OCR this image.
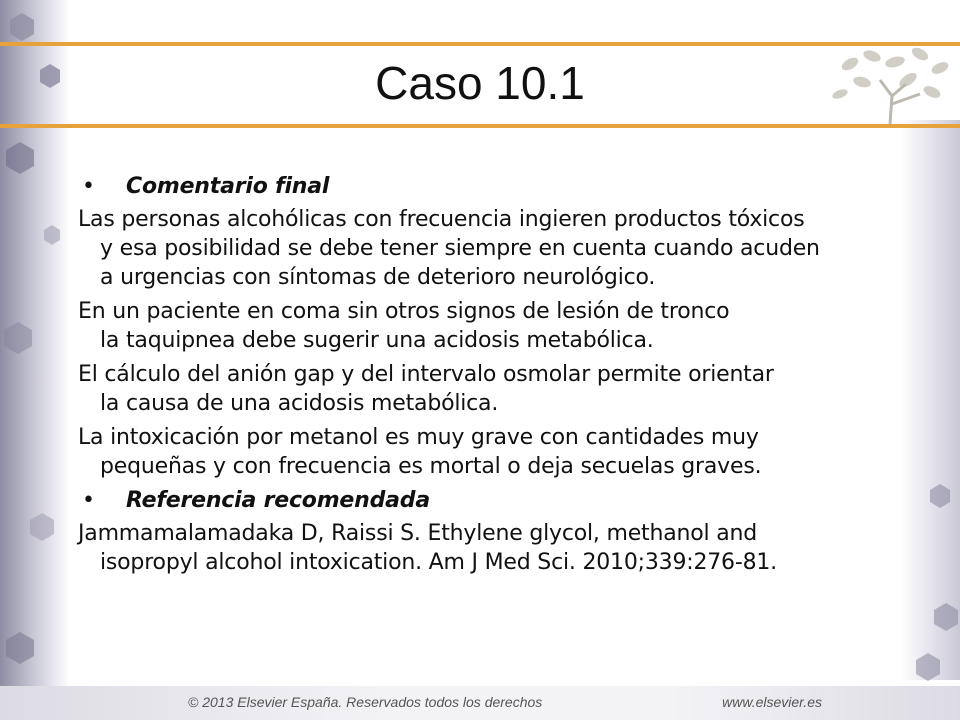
Caso 10.1
• Comentario final
Las personas alcohólicas con frecuencia ingieren productos tóxicos
y esa posibilidad se debe tener siempre en cuenta cuando acuden
a urgencias con síntomas de deterioro neurológico.
En un paciente en coma sin otros signos de lesión de tronco
la taquipnea debe sugerir una acidosis metabólica.
El cálculo del anión gap y del intervalo osmolar permite orientar
la causa de una acidosis metabólica.
La intoxicación por metanol es muy grave con cantidades muy
pequeñas y con frecuencia es mortal o deja secuelas graves.
• Referencia recomendada
Jammamalamadaka D, Raissi S. Ethylene glycol, methanol and
isopropyl alcohol intoxication. Am J Med Sci. 2010;339:276-81.
© 2013 Elsevier España. Reservados todos los derechos	www.elsevier.es
